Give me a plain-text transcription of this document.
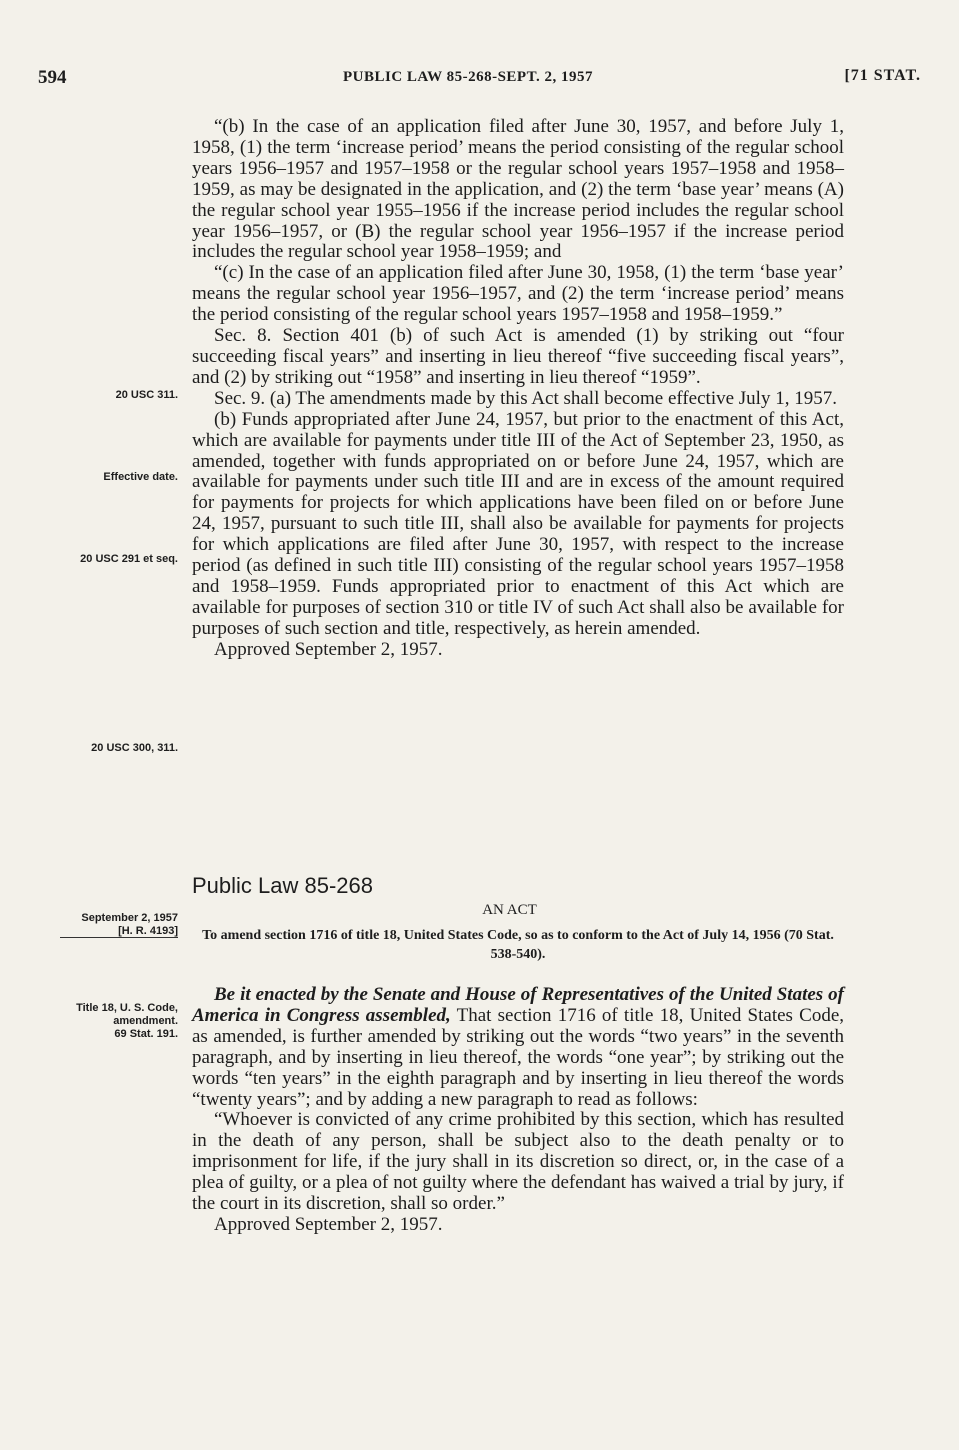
594	PUBLIC LAW 85-268-SEPT. 2, 1957	[71 STAT.
20 USC 311.
Effective date.
20 USC 291 et seq.
20 USC 300, 311.
September 2, 1957
[H. R. 4193]
Title 18, U. S. Code, amendment.
69 Stat. 191.

“(b) In the case of an application filed after June 30, 1957, and before July 1, 1958, (1) the term ‘increase period’ means the period consisting of the regular school years 1956–1957 and 1957–1958 or the regular school years 1957–1958 and 1958–1959, as may be designated in the application, and (2) the term ‘base year’ means (A) the regular school year 1955–1956 if the increase period includes the regular school year 1956–1957, or (B) the regular school year 1956–1957 if the increase period includes the regular school year 1958–1959; and

“(c) In the case of an application filed after June 30, 1958, (1) the term ‘base year’ means the regular school year 1956–1957, and (2) the term ‘increase period’ means the period consisting of the regular school years 1957–1958 and 1958–1959.”

Sec. 8. Section 401 (b) of such Act is amended (1) by striking out “four succeeding fiscal years” and inserting in lieu thereof “five succeeding fiscal years”, and (2) by striking out “1958” and inserting in lieu thereof “1959”.

Sec. 9. (a) The amendments made by this Act shall become effective July 1, 1957.

(b) Funds appropriated after June 24, 1957, but prior to the enactment of this Act, which are available for payments under title III of the Act of September 23, 1950, as amended, together with funds appropriated on or before June 24, 1957, which are available for payments under such title III and are in excess of the amount required for payments for projects for which applications have been filed on or before June 24, 1957, pursuant to such title III, shall also be available for payments for projects for which applications are filed after June 30, 1957, with respect to the increase period (as defined in such title III) consisting of the regular school years 1957–1958 and 1958–1959. Funds appropriated prior to enactment of this Act which are available for purposes of section 310 or title IV of such Act shall also be available for purposes of such section and title, respectively, as herein amended.

Approved September 2, 1957.

Public Law 85-268
AN ACT
To amend section 1716 of title 18, United States Code, so as to conform to the Act of July 14, 1956 (70 Stat. 538-540).

Be it enacted by the Senate and House of Representatives of the United States of America in Congress assembled, That section 1716 of title 18, United States Code, as amended, is further amended by striking out the words “two years” in the seventh paragraph, and by inserting in lieu thereof, the words “one year”; by striking out the words “ten years” in the eighth paragraph and by inserting in lieu thereof the words “twenty years”; and by adding a new paragraph to read as follows:

“Whoever is convicted of any crime prohibited by this section, which has resulted in the death of any person, shall be subject also to the death penalty or to imprisonment for life, if the jury shall in its discretion so direct, or, in the case of a plea of guilty, or a plea of not guilty where the defendant has waived a trial by jury, if the court in its discretion, shall so order.”

Approved September 2, 1957.
